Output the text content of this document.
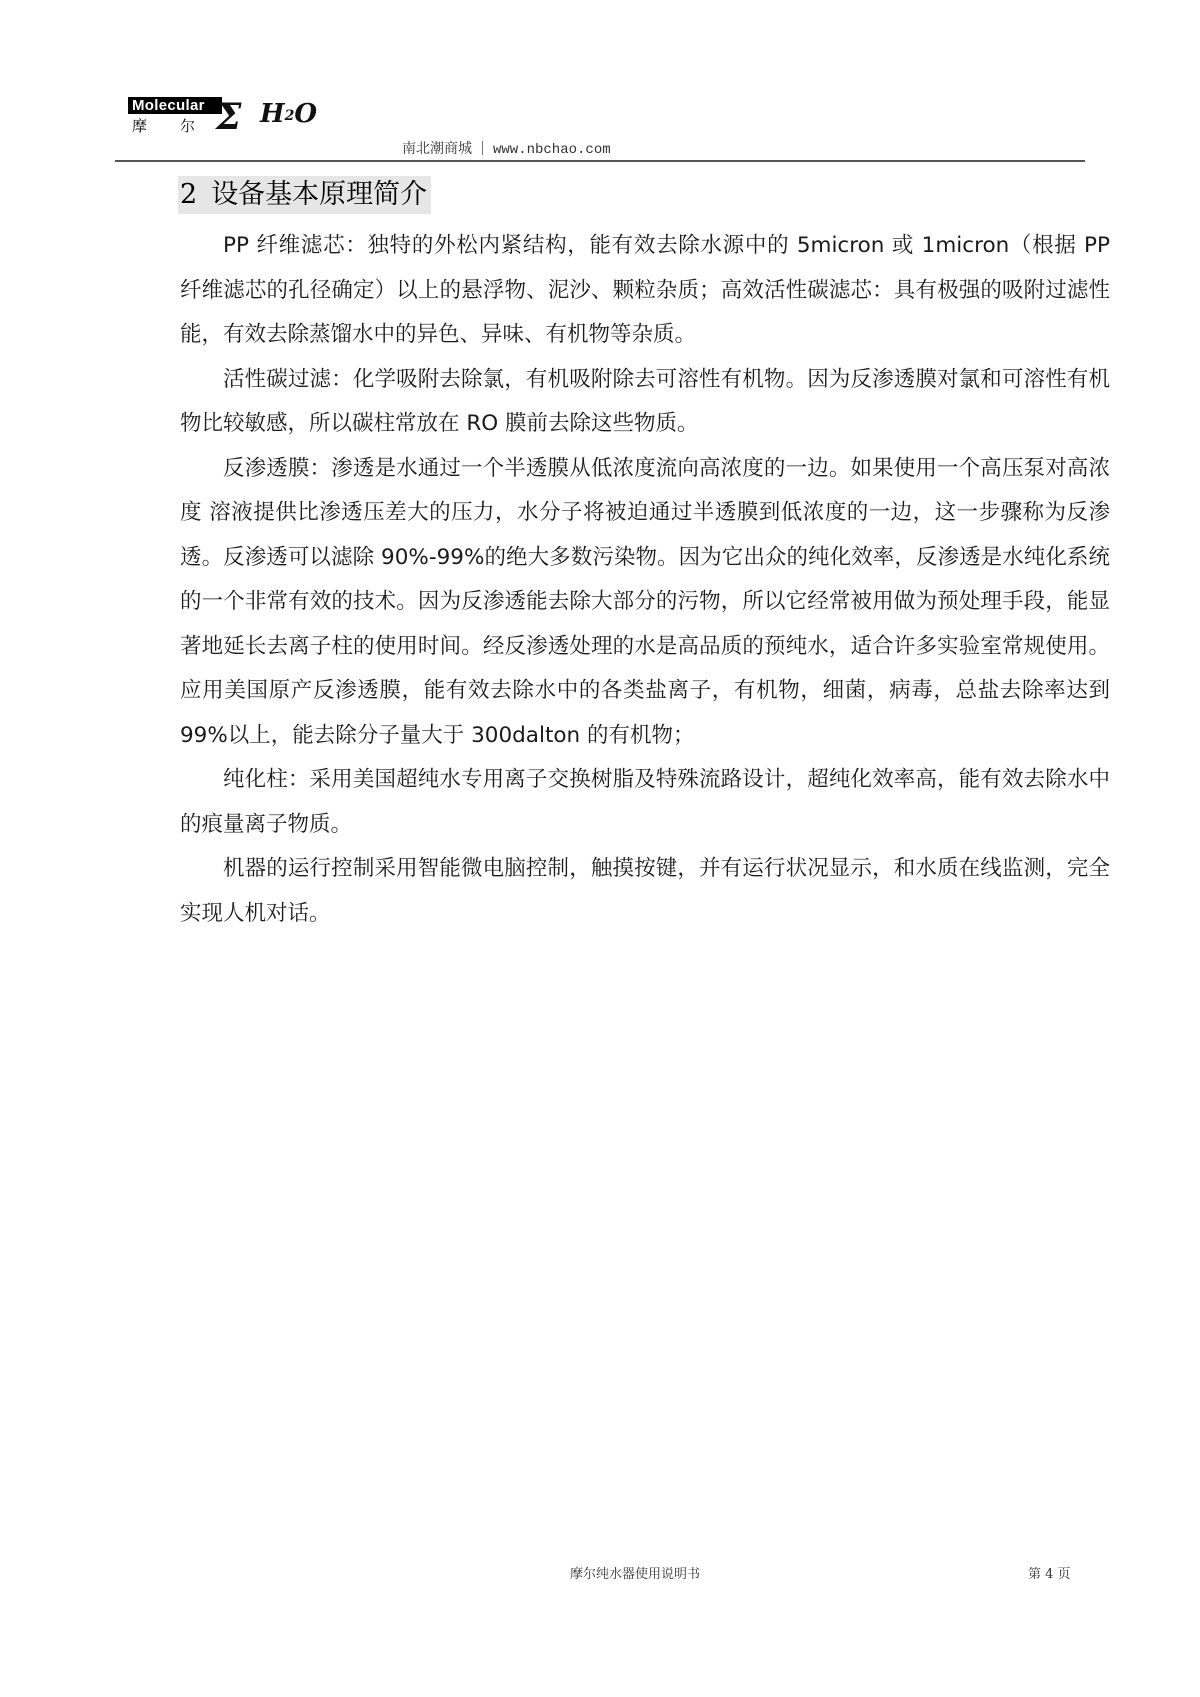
Molecular
摩 尔 Σ $H_2O$
南北潮商城 www.nbchao.com
2 设备基本原理简介

PP 纤维滤芯：独特的外松内紧结构，能有效去除水源中的 5micron 或 1micron（根据 PP 纤维滤芯的孔径确定）以上的悬浮物、泥沙、颗粒杂质；高效活性碳滤芯：具有极强的吸附过滤性能，有效去除蒸馏水中的异色、异味、有机物等杂质。

活性碳过滤：化学吸附去除氯，有机吸附除去可溶性有机物。因为反渗透膜对氯和可溶性有机物比较敏感，所以碳柱常放在 RO 膜前去除这些物质。

反渗透膜：渗透是水通过一个半透膜从低浓度流向高浓度的一边。如果使用一个高压泵对高浓度 溶液提供比渗透压差大的压力，水分子将被迫通过半透膜到低浓度的一边，这一步骤称为反渗透。反渗透可以滤除 90%-99%的绝大多数污染物。因为它出众的纯化效率，反渗透是水纯化系统的一个非常有效的技术。因为反渗透能去除大部分的污物，所以它经常被用做为预处理手段，能显著地延长去离子柱的使用时间。经反渗透处理的水是高品质的预纯水，适合许多实验室常规使用。应用美国原产反渗透膜，能有效去除水中的各类盐离子，有机物，细菌，病毒，总盐去除率达到 99%以上，能去除分子量大于 300dalton 的有机物；

纯化柱：采用美国超纯水专用离子交换树脂及特殊流路设计，超纯化效率高，能有效去除水中的痕量离子物质。

机器的运行控制采用智能微电脑控制，触摸按键，并有运行状况显示，和水质在线监测，完全实现人机对话。

摩尔纯水器使用说明书	第 4 页
